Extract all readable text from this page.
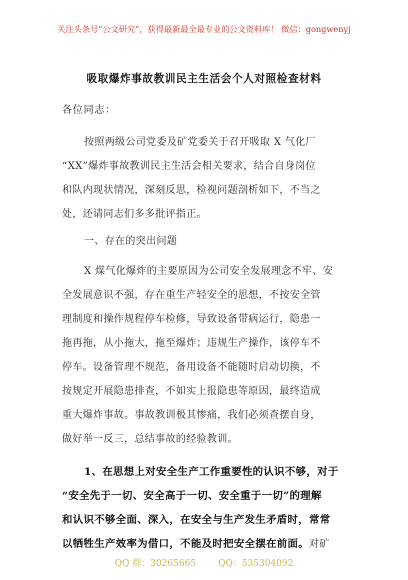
关注头条号“公文研究”，获得最新最全最专业的公文资料库！ 微信：gongwenyj
吸取爆炸事故教训民主生活会个人对照检查材料
各位同志：
按照两级公司党委及矿党委关于召开吸取 X 气化厂
“XX”爆炸事故教训民主生活会相关要求，结合自身岗位
和队内现状情况，深刻反思，检视问题剖析如下，不当之
处，还请同志们多多批评指正。
一、存在的突出问题
X 煤气化爆炸的主要原因为公司安全发展理念不牢、安
全发展意识不强，存在重生产轻安全的思想，不按安全管
理制度和操作规程停车检修，导致设备带病运行，隐患一
拖再拖，从小拖大，拖至爆炸；违规生产操作，该停车不
停车。设备管理不规范，备用设备不能随时启动切换，不
按规定开展隐患排查，不如实上报隐患等原因，最终造成
重大爆炸事故。事故教训极其惨痛，我们必须查摆自身，
做好举一反三，总结事故的经验教训。
1、在思想上对安全生产工作重要性的认识不够，对于
“安全先于一切、安全高于一切、安全重于一切”的理解
和认识不够全面、深入，在安全与生产发生矛盾时，常常
以牺牲生产效率为借口，不能及时把安全摆在前面。对矿
QQ 群：30265665 QQ：535304092
